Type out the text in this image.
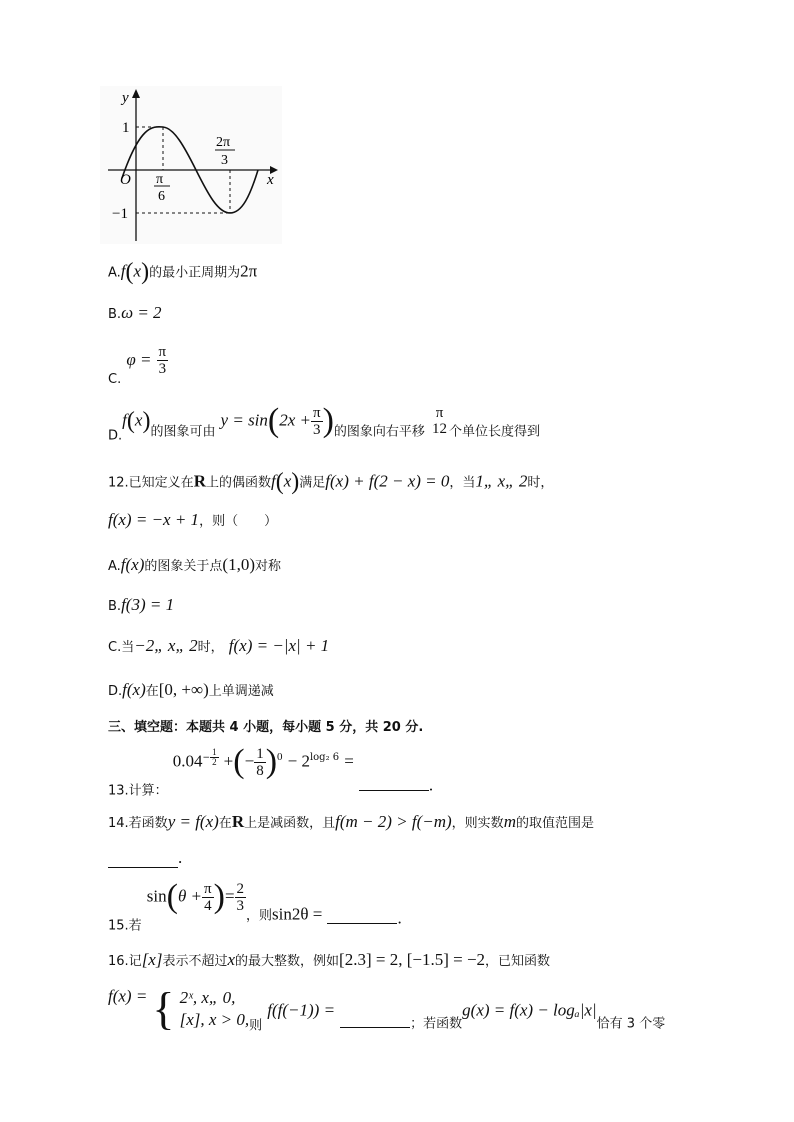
y
x
O
1
−1
π
6
2π
3
A.f(x)的最小正周期为2π
B.ω = 2
$_{C.}$ $\varphi = \frac{\pi}{3}$
$_{D.}f(x)_{的图象可由}$ $y = \sin(2x + \frac{\pi}{3} )_{的图象向右平移}$
π
12 $_{个单位长度得到}$
12.已知定义在R上的偶函数f(x)满足f(x) + f(2 − x) = 0，当1„ x„ 2时，
f(x) = −x + 1，则（　　）
A.f(x)的图象关于点(1,0)对称
B.f(3) = 1
C.当−2„ x„ 2时， f(x) = −|x| + 1
D.f(x)在[0, +∞)上单调递减
三、填空题：本题共 4 小题，每小题 5 分，共 20 分.
$_{13.计算:}$ $0.04^{- \frac{1}{2}}$ +(− $\frac{1}{8} )^0 - 2^{log_2 6}$ = .
14.若函数y = f(x)在R上是减函数，且f(m − 2) > f(−m)，则实数m的取值范围是
.
$_{15.若}$ $\sin(\theta + \frac{\pi}{4}$ )= $\frac{2}{3}$
$_{,则}$sin2θ =	.
16.记[x]表示不超过x的最大整数，例如[2.3] = 2, [−1.5] = −2，已知函数
f(x) = { 2ˣ, x„ 0,
[x], x > 0, $_则$ $f(f(-1)) = _{;若函数}g(x) = f(x) - \log_a|x|_{恰有 3 个零}$
